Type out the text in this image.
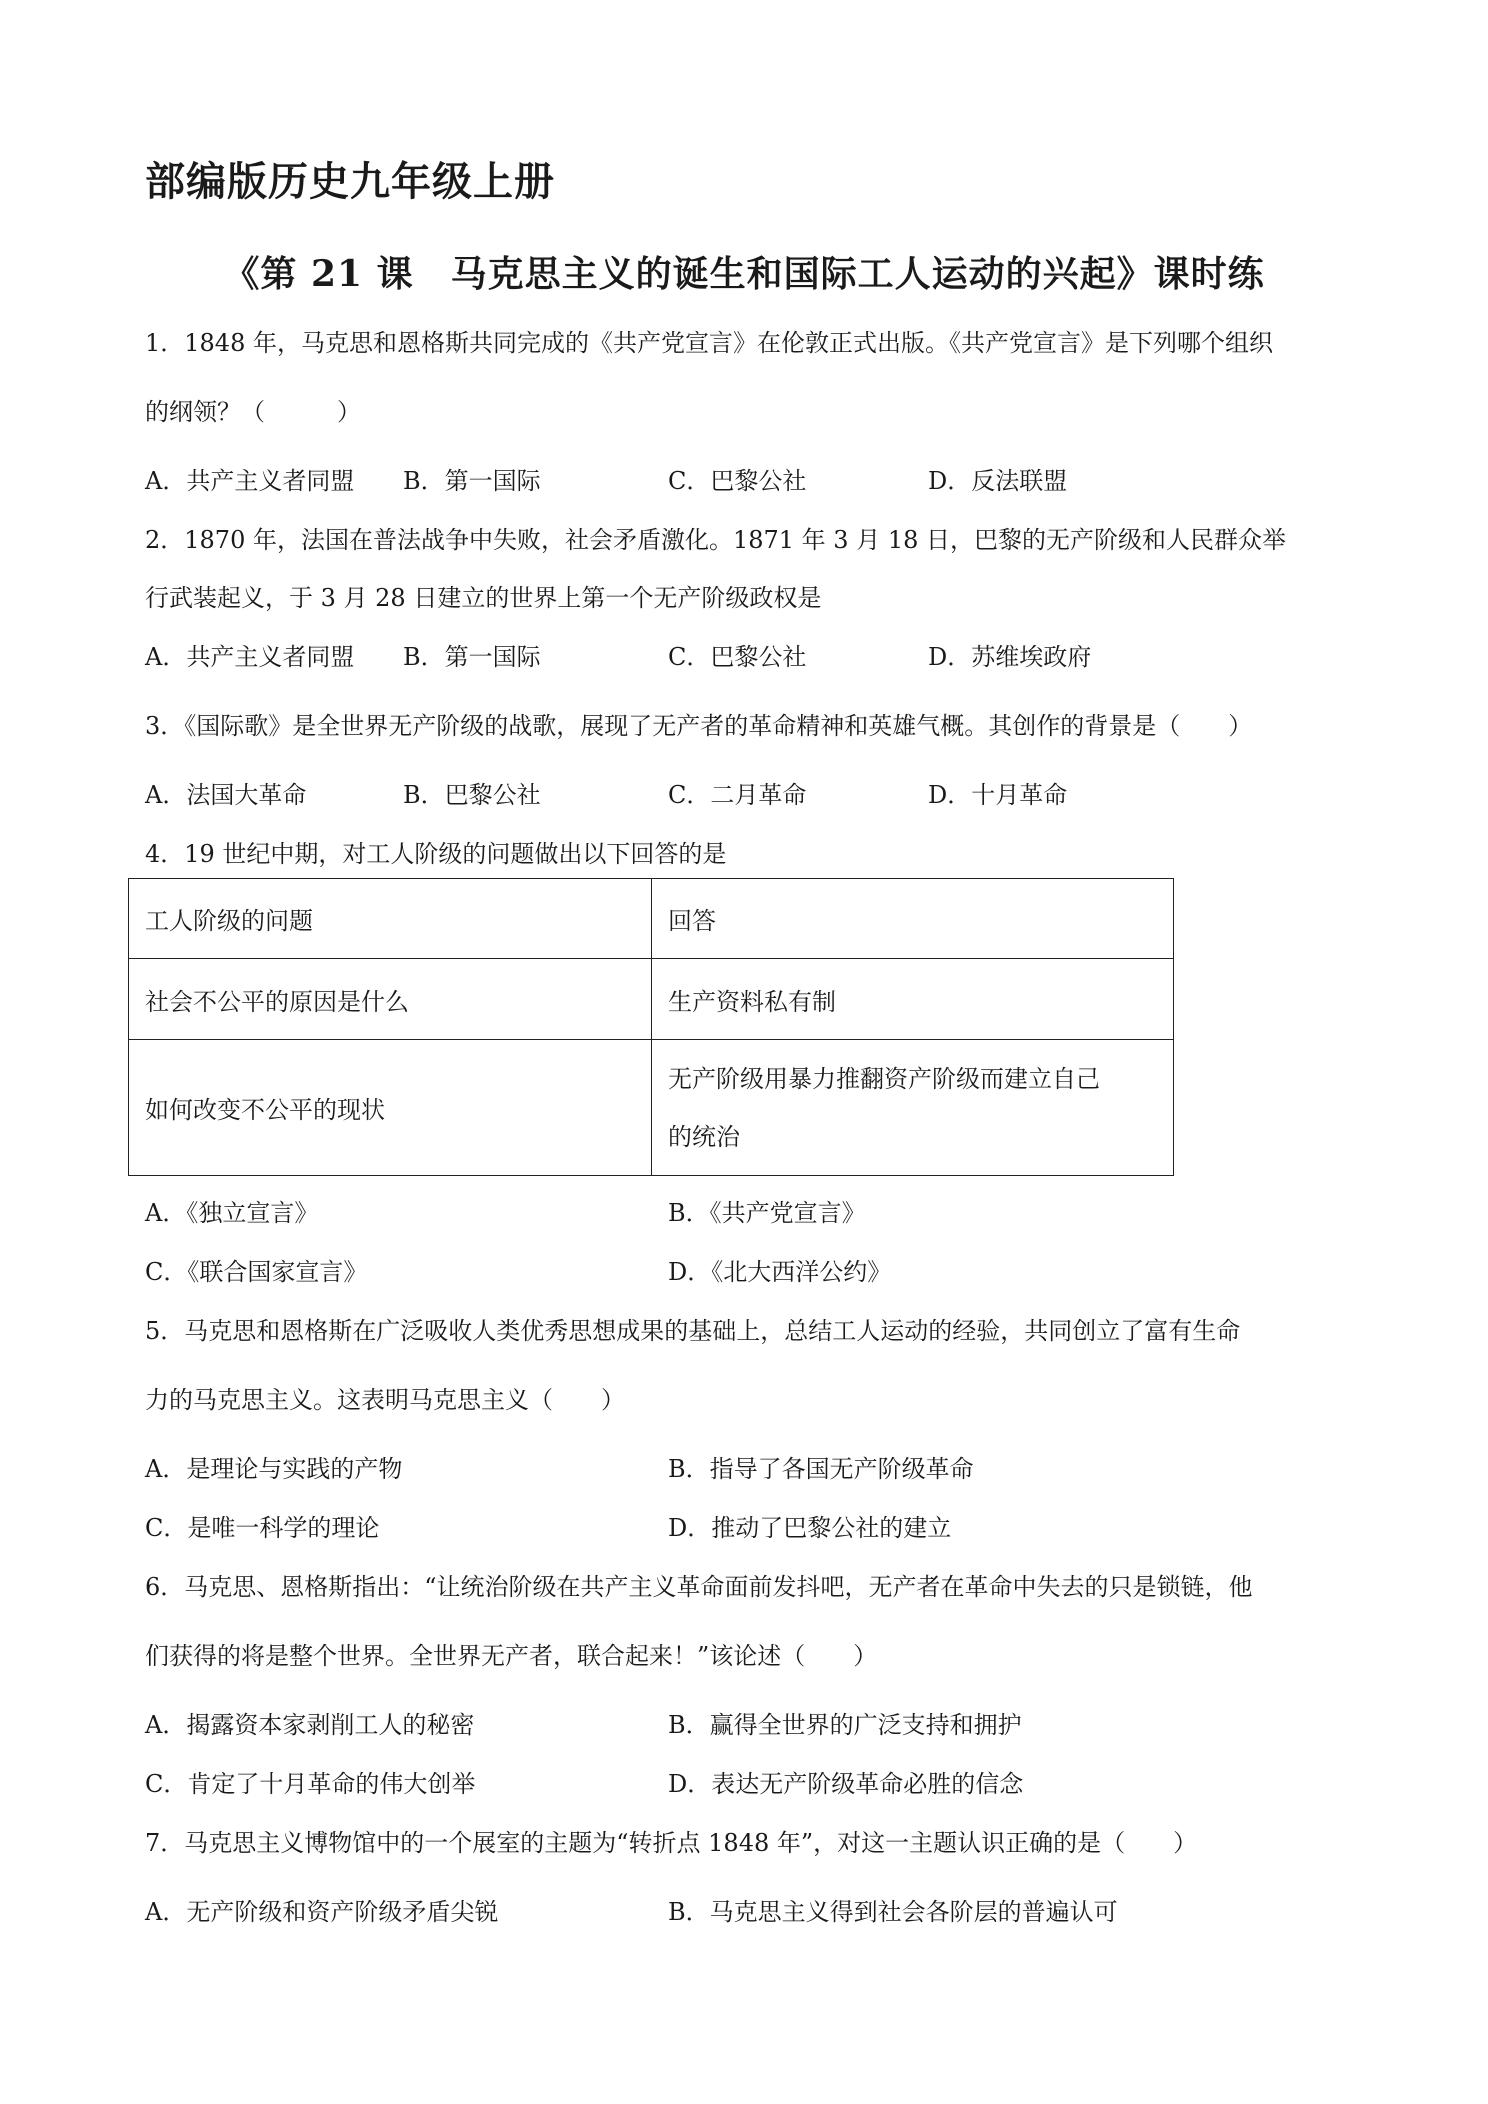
部编版历史九年级上册
《第 21 课　马克思主义的诞生和国际工人运动的兴起》课时练
1．1848 年，马克思和恩格斯共同完成的《共产党宣言》在伦敦正式出版。《共产党宣言》是下列哪个组织
的纲领？（　　　）
A．共产主义者同盟 B．第一国际	C．巴黎公社	D．反法联盟
2．1870 年，法国在普法战争中失败，社会矛盾激化。1871 年 3 月 18 日，巴黎的无产阶级和人民群众举
行武装起义，于 3 月 28 日建立的世界上第一个无产阶级政权是
A．共产主义者同盟 B．第一国际	C．巴黎公社	D．苏维埃政府
3．《国际歌》是全世界无产阶级的战歌，展现了无产者的革命精神和英雄气概。其创作的背景是（　　）
A．法国大革命	B．巴黎公社	C．二月革命	D．十月革命
4．19 世纪中期，对工人阶级的问题做出以下回答的是
工人阶级的问题	回答
社会不公平的原因是什么	生产资料私有制
如何改变不公平的现状	无产阶级用暴力推翻资产阶级而建立自己
的统治
A．《独立宣言》	B．《共产党宣言》
C．《联合国家宣言》	D．《北大西洋公约》
5．马克思和恩格斯在广泛吸收人类优秀思想成果的基础上，总结工人运动的经验，共同创立了富有生命
力的马克思主义。这表明马克思主义（　　）
A．是理论与实践的产物	B．指导了各国无产阶级革命
C．是唯一科学的理论	D．推动了巴黎公社的建立
6．马克思、恩格斯指出：“让统治阶级在共产主义革命面前发抖吧，无产者在革命中失去的只是锁链，他
们获得的将是整个世界。全世界无产者，联合起来！”该论述（　　）
A．揭露资本家剥削工人的秘密	B．赢得全世界的广泛支持和拥护
C．肯定了十月革命的伟大创举	D．表达无产阶级革命必胜的信念
7．马克思主义博物馆中的一个展室的主题为“转折点 1848 年”，对这一主题认识正确的是（　　）
A．无产阶级和资产阶级矛盾尖锐	B．马克思主义得到社会各阶层的普遍认可
